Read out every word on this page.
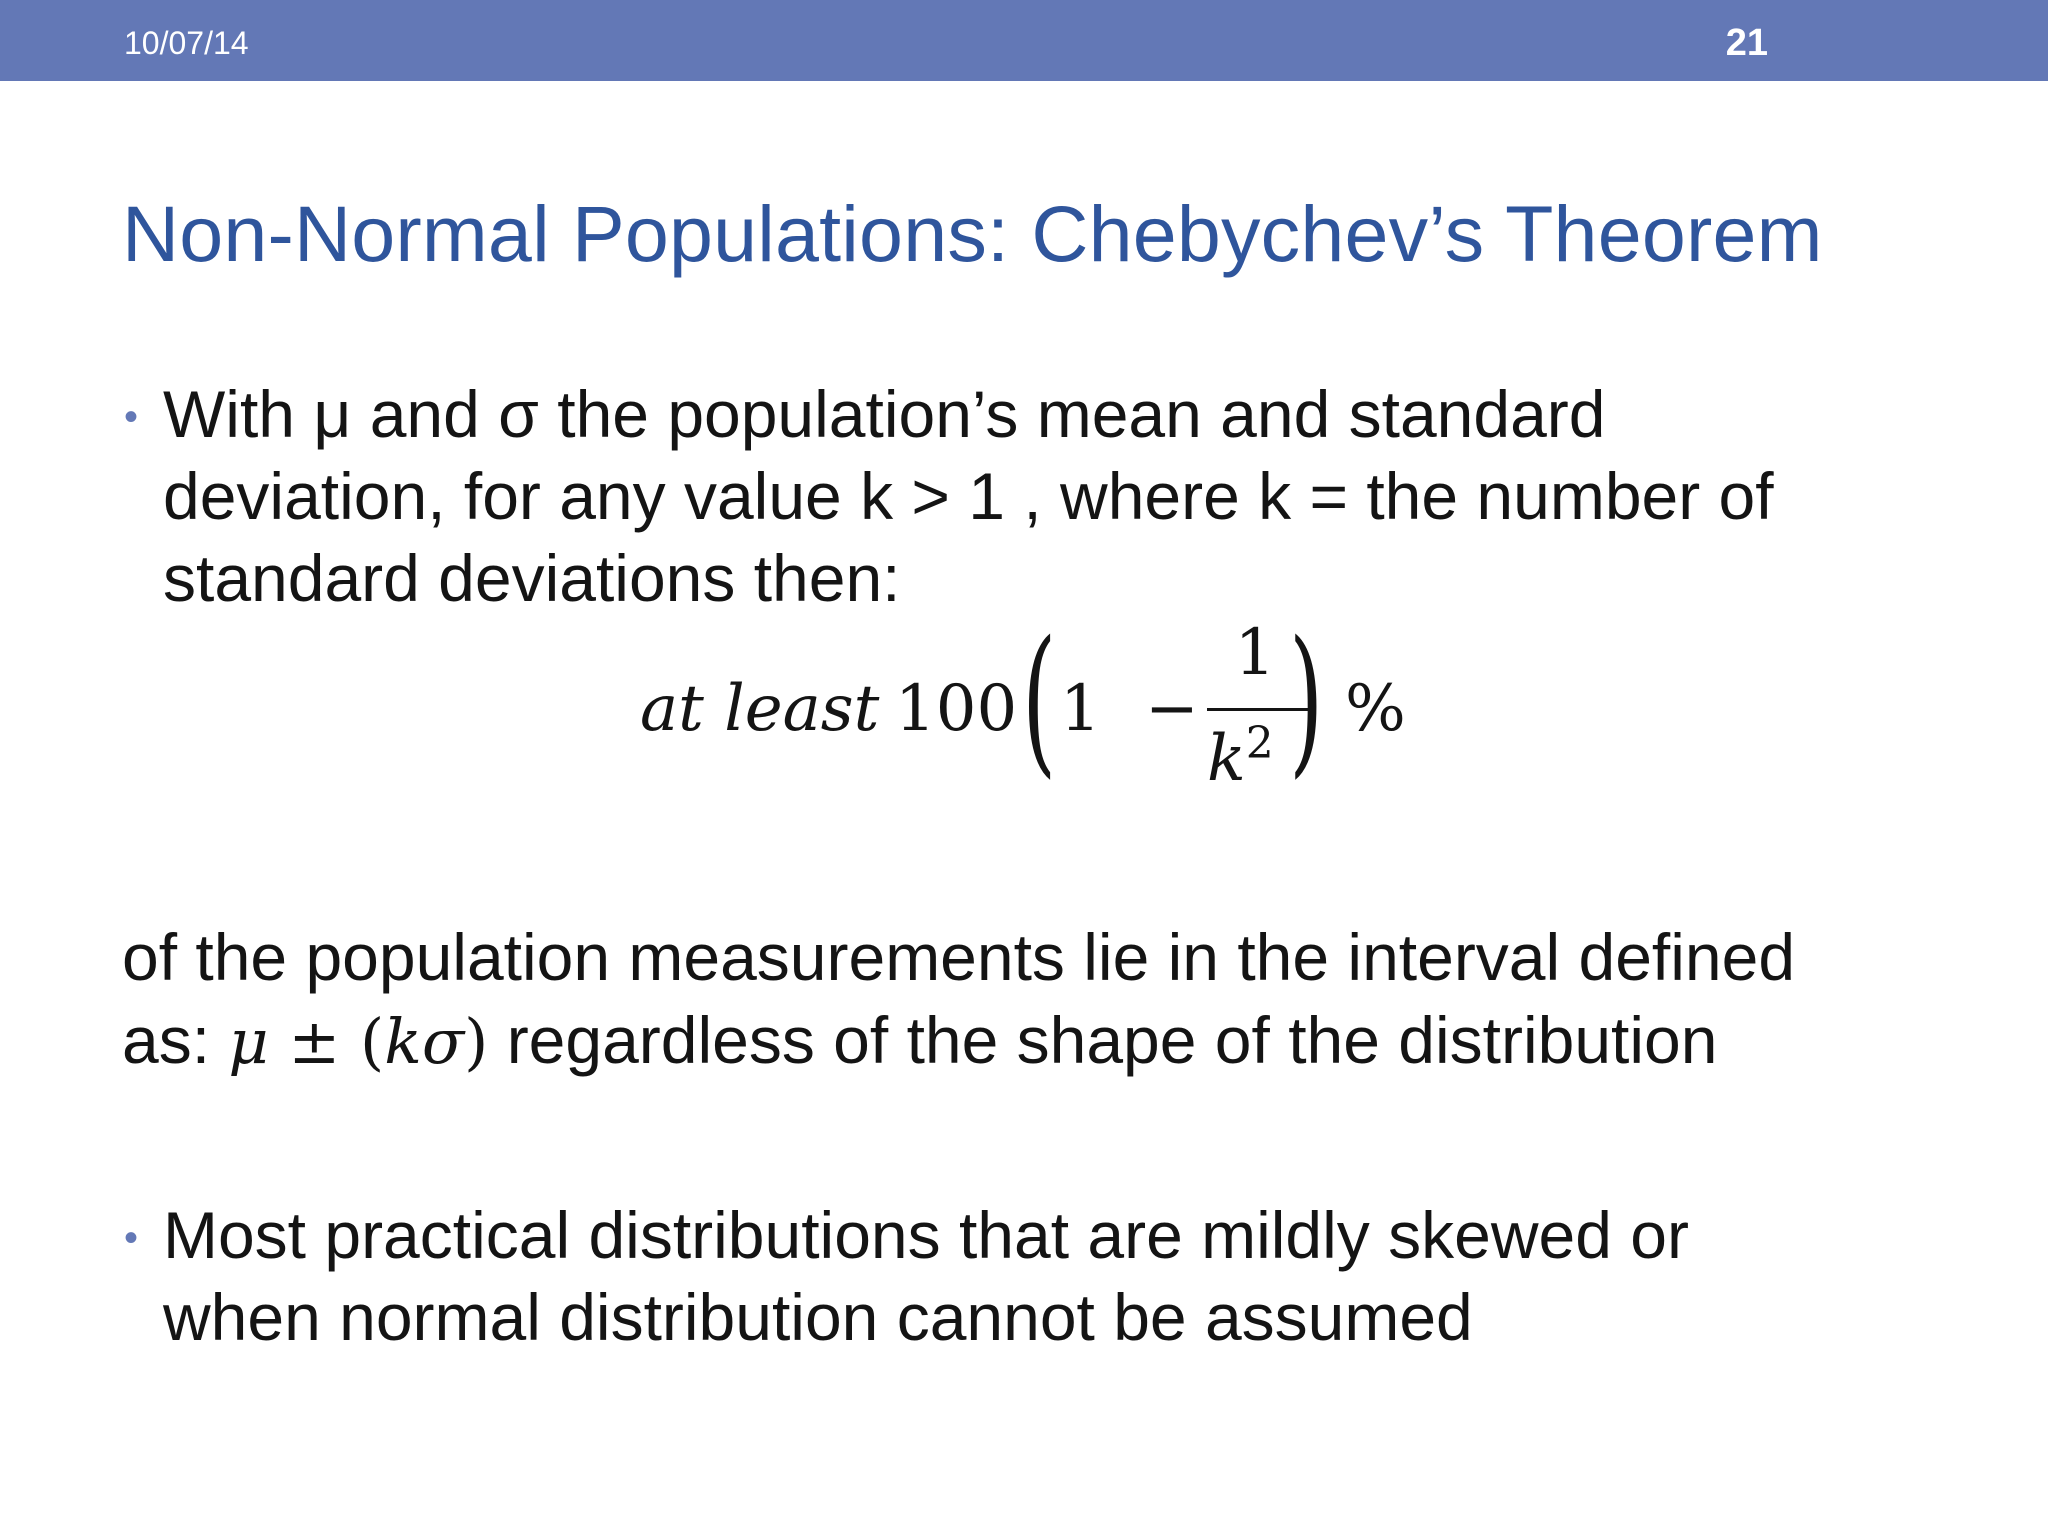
10/07/14	21
Non-Normal Populations: Chebychev’s Theorem
• With μ and σ the population’s mean and standard
deviation, for any value k > 1 , where k = the number of
standard deviations then:
at least 100 ( 1 −
1
$k^2$ ) %
of the population measurements lie in the interval defined
as: μ ± (kσ) regardless of the shape of the distribution
• Most practical distributions that are mildly skewed or
when normal distribution cannot be assumed
